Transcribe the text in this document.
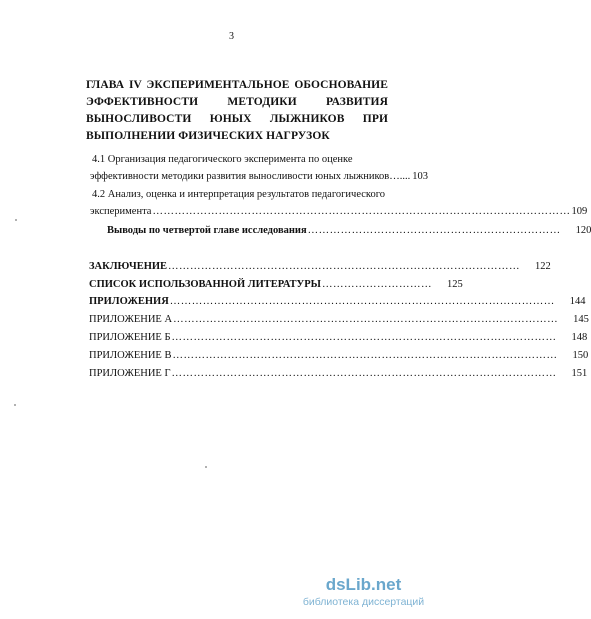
3
ГЛАВА IV ЭКСПЕРИМЕНТАЛЬНОЕ ОБОСНОВАНИЕ ЭФФЕКТИВНОСТИ МЕТОДИКИ РАЗВИТИЯ ВЫНОСЛИВОСТИ ЮНЫХ ЛЫЖНИКОВ ПРИ ВЫПОЛНЕНИИ ФИЗИЧЕСКИХ НАГРУЗОК
4.1 Организация педагогического эксперимента по оценке
эффективности методики развития выносливости юных лыжников….... 103
4.2 Анализ, оценка и интерпретация результатов педагогического
эксперимента …………………………………………………………………………………………………… 109
Выводы по четвертой главе исследования …………………………………………………………… 120
ЗАКЛЮЧЕНИЕ …………………………………………………………………………………… 122
СПИСОК ИСПОЛЬЗОВАННОЙ ЛИТЕРАТУРЫ ………………………… 125
ПРИЛОЖЕНИЯ …………………………………………………………………………………………… 144
ПРИЛОЖЕНИЕ А …………………………………………………………………………………………… 145
ПРИЛОЖЕНИЕ Б …………………………………………………………………………………………… 148
ПРИЛОЖЕНИЕ В …………………………………………………………………………………………… 150
ПРИЛОЖЕНИЕ Г …………………………………………………………………………………………… 151
dsLib.net
библиотека диссертаций
